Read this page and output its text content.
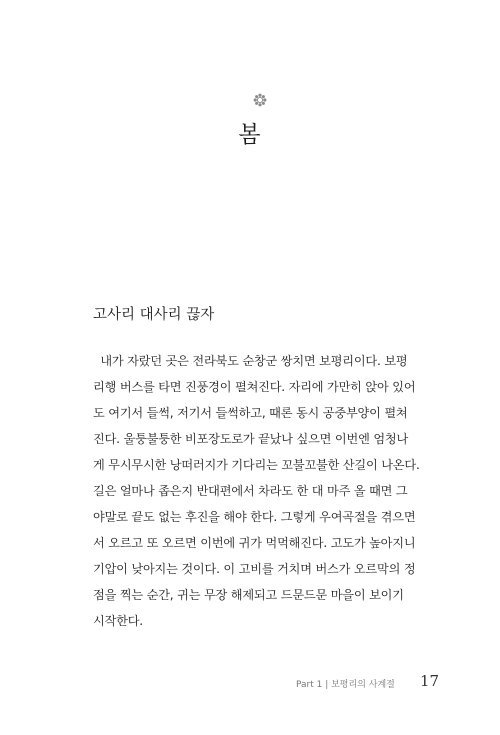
봄
고사리 대사리 끊자
내가 자랐던 곳은 전라북도 순창군 쌍치면 보평리이다. 보평
리행 버스를 타면 진풍경이 펼쳐진다. 자리에 가만히 앉아 있어
도 여기서 들썩, 저기서 들썩하고, 때론 동시 공중부양이 펼쳐
진다. 울퉁불퉁한 비포장도로가 끝났나 싶으면 이번엔 엄청나
게 무시무시한 낭떠러지가 기다리는 꼬불꼬불한 산길이 나온다.
길은 얼마나 좁은지 반대편에서 차라도 한 대 마주 올 때면 그
야말로 끝도 없는 후진을 해야 한다. 그렇게 우여곡절을 겪으면
서 오르고 또 오르면 이번에 귀가 먹먹해진다. 고도가 높아지니
기압이 낮아지는 것이다. 이 고비를 거치며 버스가 오르막의 정
점을 찍는 순간, 귀는 무장 해제되고 드문드문 마을이 보이기
시작한다.
Part 1 | 보평리의 사계절 17
